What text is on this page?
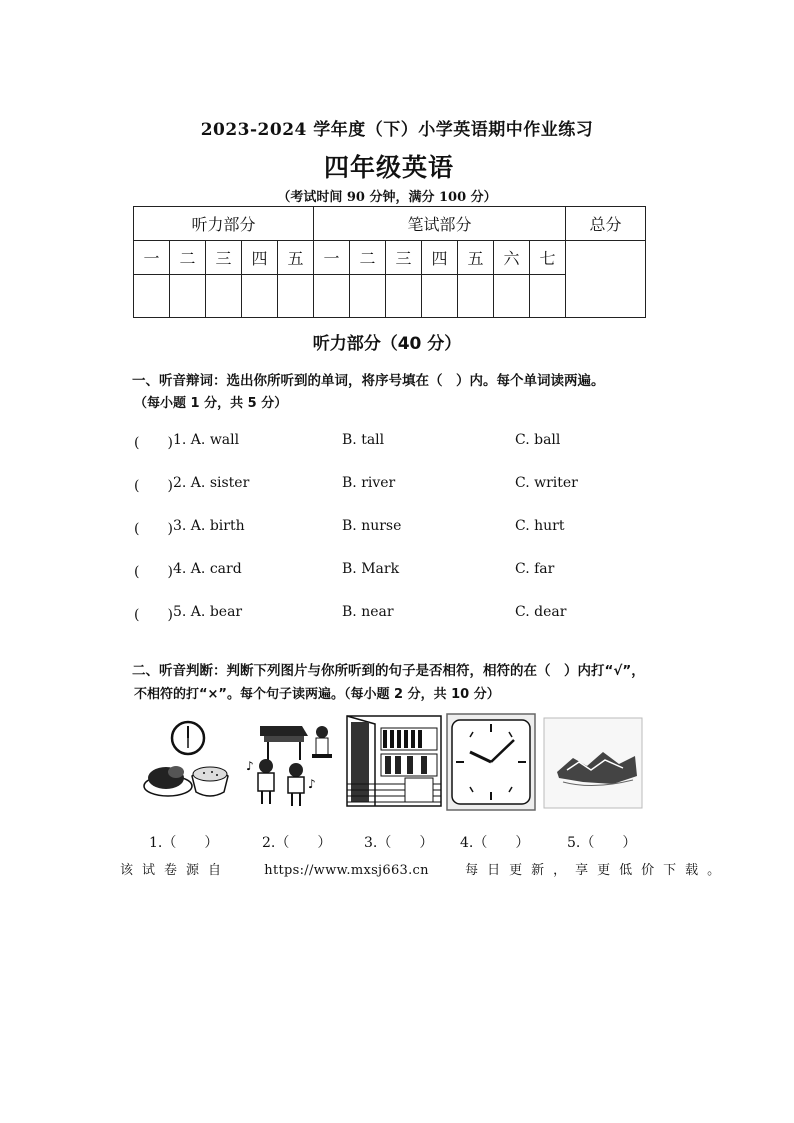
2023-2024 学年度（下）小学英语期中作业练习
四年级英语
（考试时间 90 分钟，满分 100 分）
听力部分					笔试部分							总分
一	二	三	四	五	一	二	三	四	五	六	七	

听力部分（40 分）
一、听音辩词：选出你所听到的单词，将序号填在（　）内。每个单词读两遍。
（每小题 1 分，共 5 分）
(　　) 1. A. wall	B. tall	C. ball
(　　) 2. A. sister	B. river	C. writer
(　　) 3. A. birth	B. nurse	C. hurt
(　　) 4. A. card	B. Mark	C. far
(　　) 5. A. bear	B. near	C. dear
二、听音判断：判断下列图片与你所听到的句子是否相符，相符的在（　）内打“√”，
不相符的打“×”。每个句子读两遍。（每小题 2 分，共 10 分）
♪
♪
1.（　　）	2.（　　） 3.（　　） 4.（　　）	5.（　　）
该试卷源自	https://www.mxsj663.cn	每日更新，享更低价下载。
